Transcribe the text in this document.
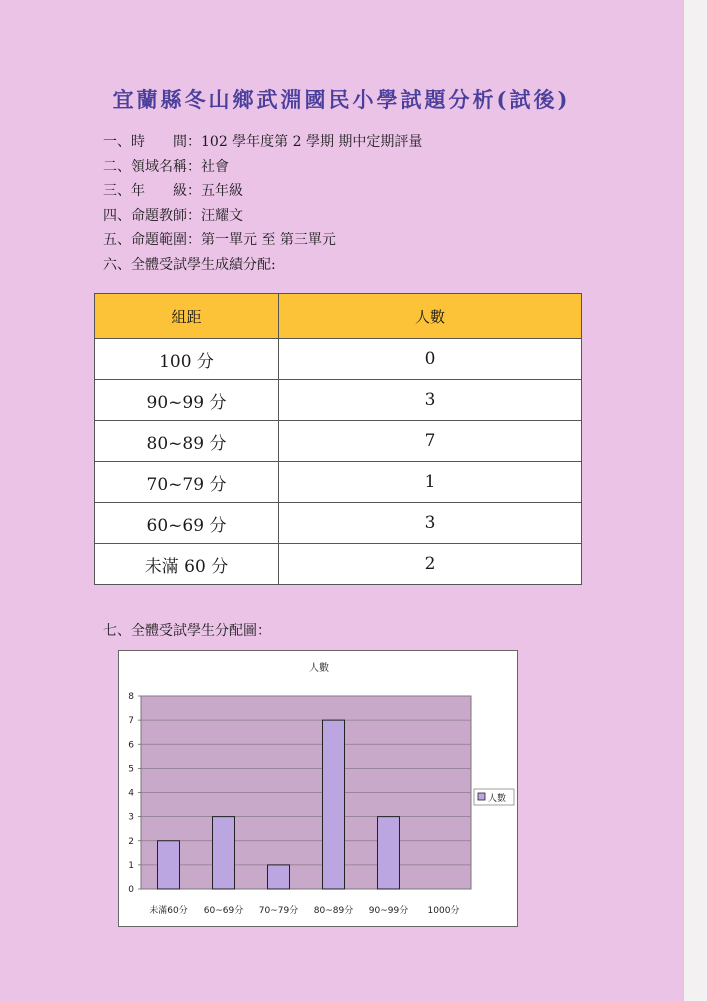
宜蘭縣冬山鄉武淵國民小學試題分析(試後)
一、時　　間：102 學年度第 2 學期 期中定期評量
二、領域名稱：社會
三、年　　級：五年級
四、命題教師：汪耀文
五、命題範圍：第一單元 至 第三單元
六、全體受試學生成績分配:
組距	人數
100 分	0
90~99 分	3
80~89 分	7
70~79 分	1
60~69 分	3
未滿 60 分	2
七、全體受試學生分配圖：
人數
0
1
2
3
4
5
6
7
8
未滿60分 60~69分 70~79分 80~89分 90~99分 1000分
人數
